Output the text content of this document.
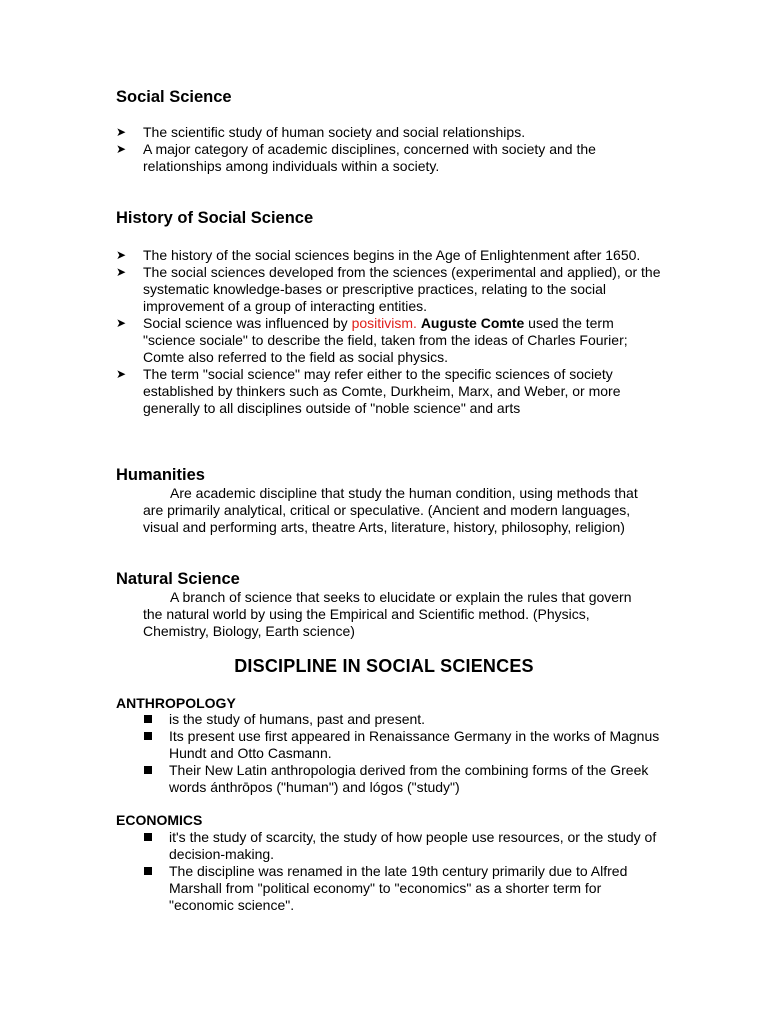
Social Science
➤ The scientific study of human society and social relationships.
➤ A major category of academic disciplines, concerned with society and the relationships among individuals within a society.
History of Social Science
➤ The history of the social sciences begins in the Age of Enlightenment after 1650.
➤ The social sciences developed from the sciences (experimental and applied), or the systematic knowledge-bases or prescriptive practices, relating to the social improvement of a group of interacting entities.
➤ Social science was influenced by positivism. Auguste Comte used the term "science sociale" to describe the field, taken from the ideas of Charles Fourier; Comte also referred to the field as social physics.
➤ The term "social science" may refer either to the specific sciences of society established by thinkers such as Comte, Durkheim, Marx, and Weber, or more generally to all disciplines outside of "noble science" and arts
Humanities
Are academic discipline that study the human condition, using methods that are primarily analytical, critical or speculative. (Ancient and modern languages, visual and performing arts, theatre Arts, literature, history, philosophy, religion)
Natural Science
A branch of science that seeks to elucidate or explain the rules that govern the natural world by using the Empirical and Scientific method. (Physics, Chemistry, Biology, Earth science)
DISCIPLINE IN SOCIAL SCIENCES
ANTHROPOLOGY
is the study of humans, past and present.
Its present use first appeared in Renaissance Germany in the works of Magnus Hundt and Otto Casmann.
Their New Latin anthropologia derived from the combining forms of the Greek words ánthrōpos ("human") and lógos ("study")
ECONOMICS
it's the study of scarcity, the study of how people use resources, or the study of decision-making.
The discipline was renamed in the late 19th century primarily due to Alfred Marshall from "political economy" to "economics" as a shorter term for "economic science".
